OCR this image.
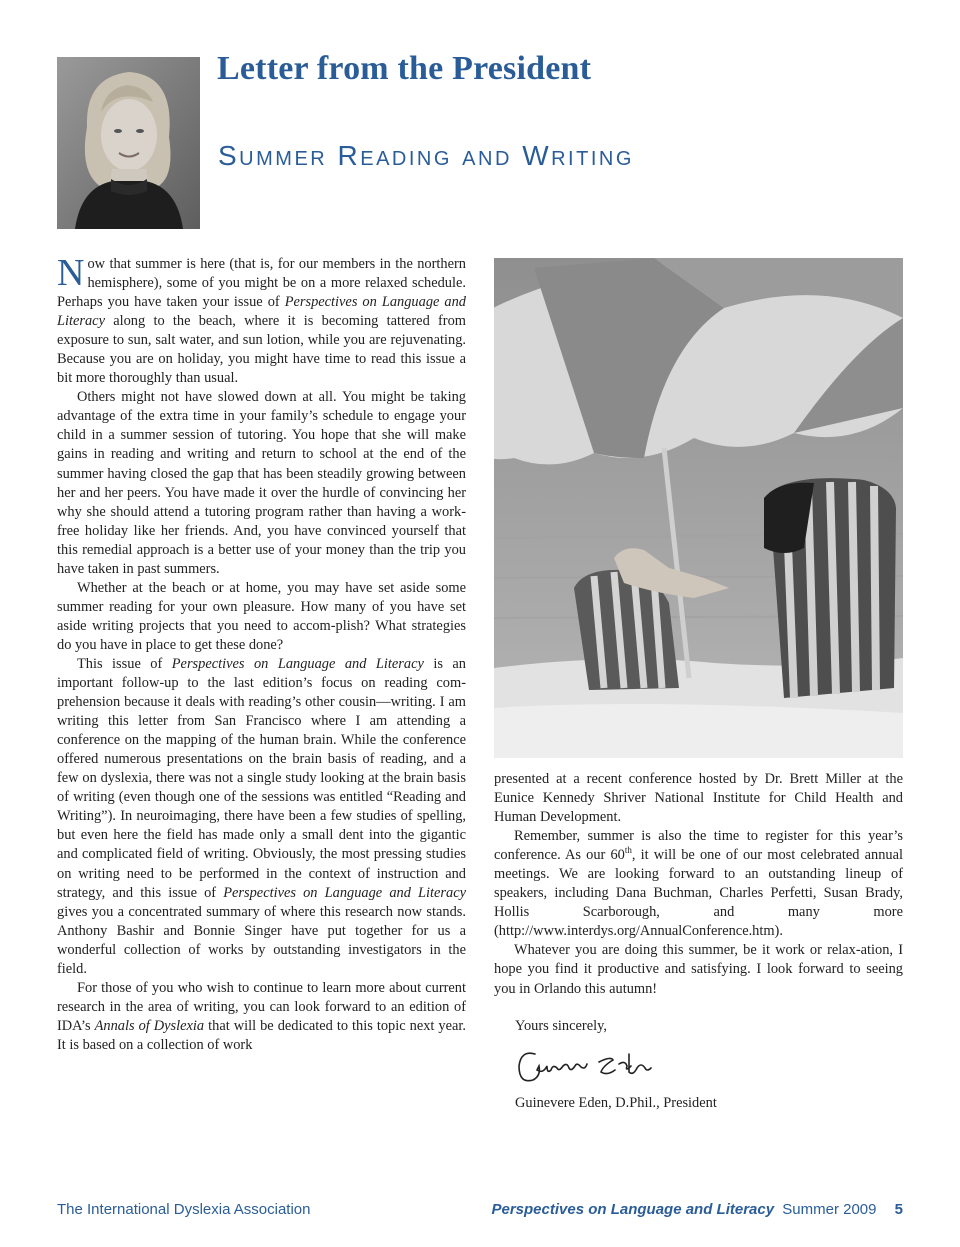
Letter from the President
Summer Reading and Writing

Now that summer is here (that is, for our members in the northern hemisphere), some of you might be on a more relaxed schedule. Perhaps you have taken your issue of Perspectives on Language and Literacy along to the beach, where it is becoming tattered from exposure to sun, salt water, and sun lotion, while you are rejuvenating. Because you are on holiday, you might have time to read this issue a bit more thoroughly than usual.

Others might not have slowed down at all. You might be taking advantage of the extra time in your family’s schedule to engage your child in a summer session of tutoring. You hope that she will make gains in reading and writing and return to school at the end of the summer having closed the gap that has been steadily growing between her and her peers. You have made it over the hurdle of convincing her why she should attend a tutoring program rather than having a work-free holiday like her friends. And, you have convinced yourself that this remedial approach is a better use of your money than the trip you have taken in past summers.

Whether at the beach or at home, you may have set aside some summer reading for your own pleasure. How many of you have set aside writing projects that you need to accom-plish? What strategies do you have in place to get these done?

This issue of Perspectives on Language and Literacy is an important follow-up to the last edition’s focus on reading com-prehension because it deals with reading’s other cousin—writing. I am writing this letter from San Francisco where I am attending a conference on the mapping of the human brain. While the conference offered numerous presentations on the brain basis of reading, and a few on dyslexia, there was not a single study looking at the brain basis of writing (even though one of the sessions was entitled “Reading and Writing”). In neuroimaging, there have been a few studies of spelling, but even here the field has made only a small dent into the gigantic and complicated field of writing. Obviously, the most pressing studies on writing need to be performed in the context of instruction and strategy, and this issue of Perspectives on Language and Literacy gives you a concentrated summary of where this research now stands. Anthony Bashir and Bonnie Singer have put together for us a wonderful collection of works by outstanding investigators in the field.

For those of you who wish to continue to learn more about current research in the area of writing, you can look forward to an edition of IDA’s Annals of Dyslexia that will be dedicated to this topic next year. It is based on a collection of work

presented at a recent conference hosted by Dr. Brett Miller at the Eunice Kennedy Shriver National Institute for Child Health and Human Development.

Remember, summer is also the time to register for this year’s conference. As our 60th, it will be one of our most celebrated annual meetings. We are looking forward to an outstanding lineup of speakers, including Dana Buchman, Charles Perfetti, Susan Brady, Hollis Scarborough, and many more (http://www.interdys.org/AnnualConference.htm).

Whatever you are doing this summer, be it work or relax-ation, I hope you find it productive and satisfying. I look forward to seeing you in Orlando this autumn!

Yours sincerely,
Guinevere Eden, D.Phil., President
The International Dyslexia Association	Perspectives on Language and Literacy Summer 2009 5
